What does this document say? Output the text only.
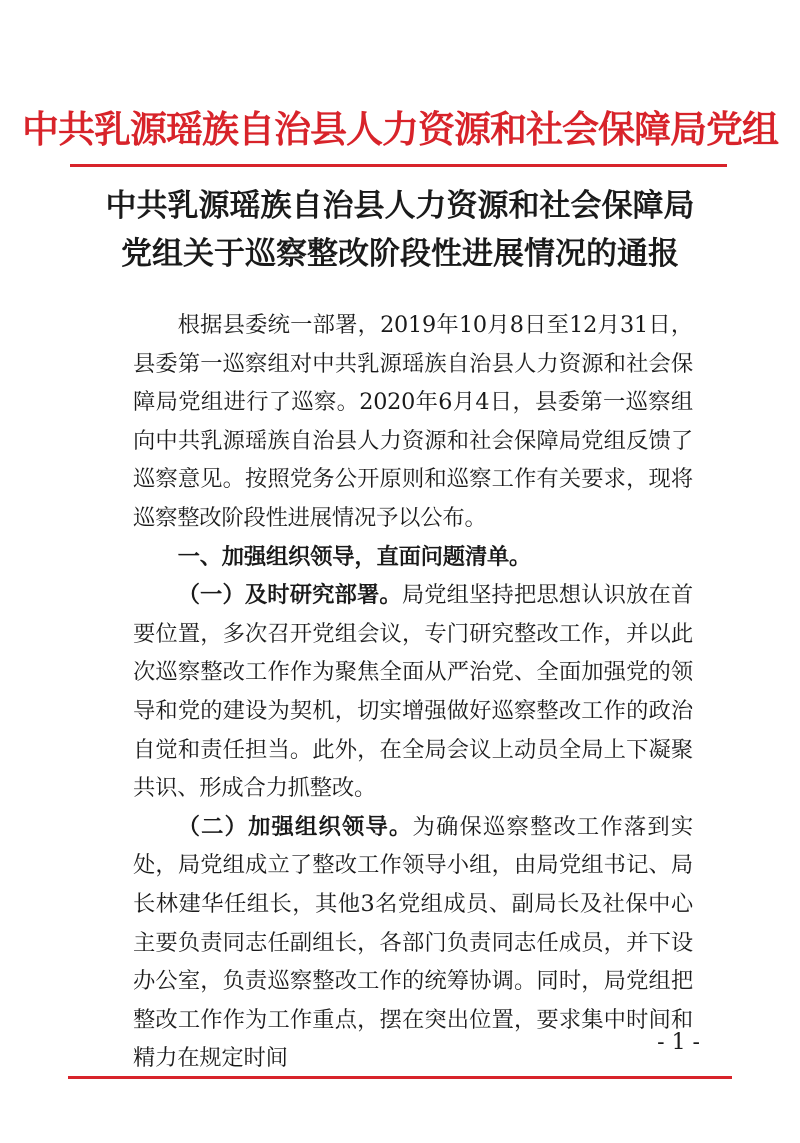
中共乳源瑶族自治县人力资源和社会保障局党组
中共乳源瑶族自治县人力资源和社会保障局
党组关于巡察整改阶段性进展情况的通报

根据县委统一部署，2019年10月8日至12月31日，县委第一巡察组对中共乳源瑶族自治县人力资源和社会保障局党组进行了巡察。2020年6月4日，县委第一巡察组向中共乳源瑶族自治县人力资源和社会保障局党组反馈了巡察意见。按照党务公开原则和巡察工作有关要求，现将巡察整改阶段性进展情况予以公布。

一、加强组织领导，直面问题清单。

（一）及时研究部署。局党组坚持把思想认识放在首要位置，多次召开党组会议，专门研究整改工作，并以此次巡察整改工作作为聚焦全面从严治党、全面加强党的领导和党的建设为契机，切实增强做好巡察整改工作的政治自觉和责任担当。此外，在全局会议上动员全局上下凝聚共识、形成合力抓整改。

（二）加强组织领导。为确保巡察整改工作落到实处，局党组成立了整改工作领导小组，由局党组书记、局长林建华任组长，其他3名党组成员、副局长及社保中心主要负责同志任副组长，各部门负责同志任成员，并下设办公室，负责巡察整改工作的统筹协调。同时，局党组把整改工作作为工作重点，摆在突出位置，要求集中时间和精力在规定时间

- 1 -
